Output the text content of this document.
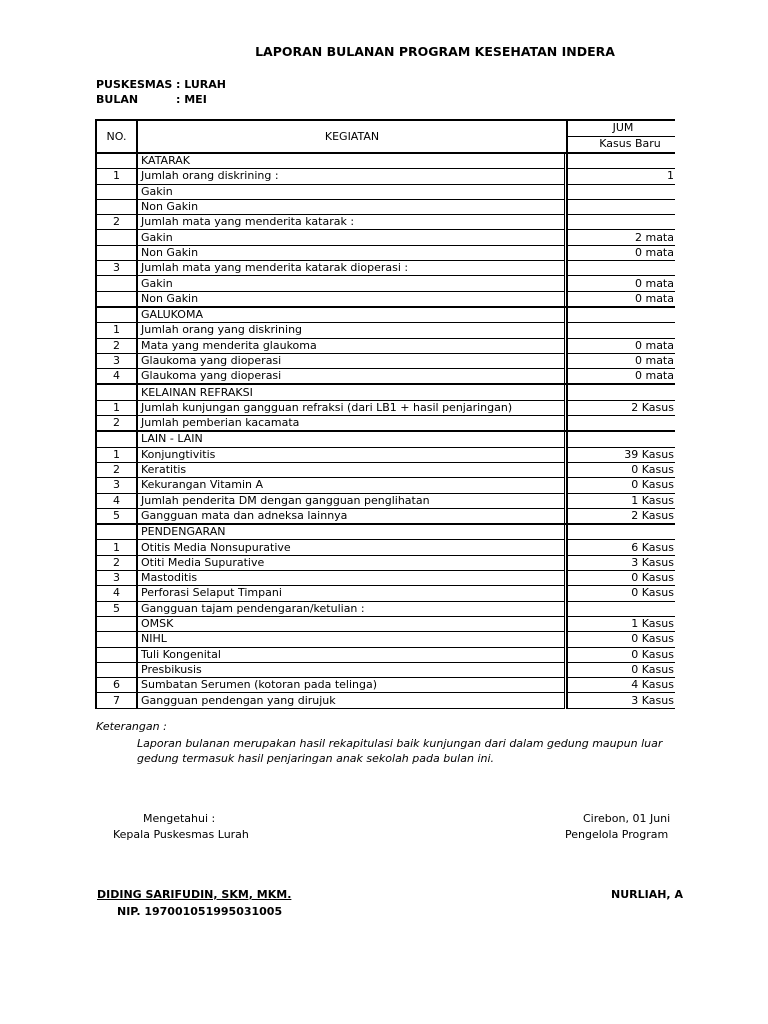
LAPORAN BULANAN PROGRAM KESEHATAN INDERA
PUSKESMAS : LURAH
BULAN	: MEI
NO.	KEGIATAN		JUM
			Kasus Baru
	KATARAK		
1	Jumlah orang diskrining :		1
	Gakin		
	Non Gakin		
2	Jumlah mata yang menderita katarak :		
	Gakin		2 mata
	Non Gakin		0 mata
3	Jumlah mata yang menderita katarak dioperasi :		
	Gakin		0 mata
	Non Gakin		0 mata
	GALUKOMA		
1	Jumlah orang yang diskrining		
2	Mata yang menderita glaukoma		0 mata
3	Glaukoma yang dioperasi		0 mata
4	Glaukoma yang dioperasi		0 mata
	KELAINAN REFRAKSI		
1	Jumlah kunjungan gangguan refraksi (dari LB1 + hasil penjaringan)		2 Kasus
2	Jumlah pemberian kacamata		
	LAIN - LAIN		
1	Konjungtivitis		39 Kasus
2	Keratitis		0 Kasus
3	Kekurangan Vitamin A		0 Kasus
4	Jumlah penderita DM dengan gangguan penglihatan		1 Kasus
5	Gangguan mata dan adneksa lainnya		2 Kasus
	PENDENGARAN		
1	Otitis Media Nonsupurative		6 Kasus
2	Otiti Media Supurative		3 Kasus
3	Mastoditis		0 Kasus
4	Perforasi Selaput Timpani		0 Kasus
5	Gangguan tajam pendengaran/ketulian :		
	OMSK		1 Kasus
	NIHL		0 Kasus
	Tuli Kongenital		0 Kasus
	Presbikusis		0 Kasus
6	Sumbatan Serumen (kotoran pada telinga)		4 Kasus
7	Gangguan pendengan yang dirujuk		3 Kasus
Keterangan :
Laporan bulanan merupakan hasil rekapitulasi baik kunjungan dari dalam gedung maupun luar
gedung termasuk hasil penjaringan anak sekolah pada bulan ini.
Mengetahui :
Kepala Puskesmas Lurah
DIDING SARIFUDIN, SKM, MKM.
NIP. 197001051995031005
Cirebon, 01 Juni
Pengelola Program
NURLIAH, A
